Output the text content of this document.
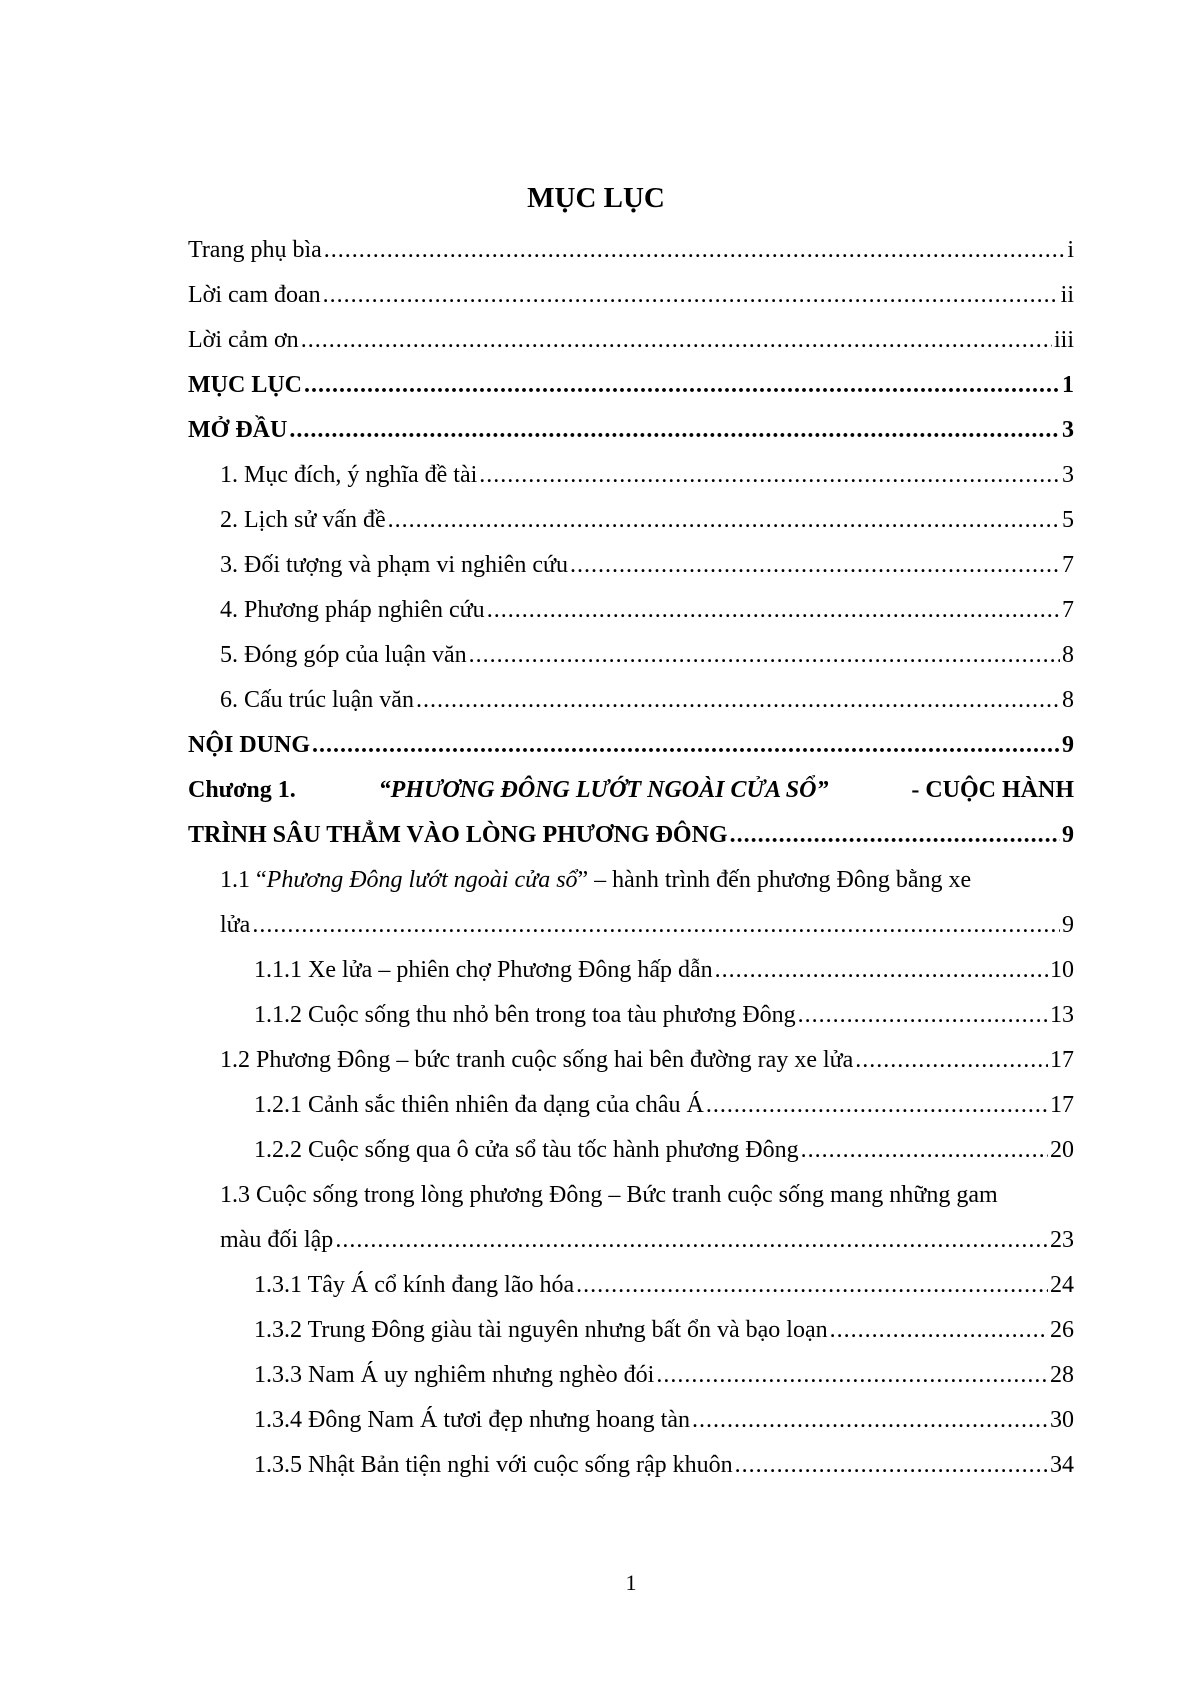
MỤC LỤC
Trang phụ bìa .....	i
Lời cam đoan .....	ii
Lời cảm ơn .....	iii
MỤC LỤC .....	1
MỞ ĐẦU .....	3
1. Mục đích, ý nghĩa đề tài .....	3
2. Lịch sử vấn đề .....	5
3. Đối tượng và phạm vi nghiên cứu .....	7
4. Phương pháp nghiên cứu .....	7
5. Đóng góp của luận văn .....	8
6. Cấu trúc luận văn .....	8
NỘI DUNG .....	9
Chương 1.	“PHƯƠNG ĐÔNG LƯỚT NGOÀI CỬA SỔ”	- CUỘC HÀNH
TRÌNH SÂU THẲM VÀO LÒNG PHƯƠNG ĐÔNG .....	9
1.1 “Phương Đông lướt ngoài cửa sổ” – hành trình đến phương Đông bằng xe
lửa .....	9
1.1.1 Xe lửa – phiên chợ Phương Đông hấp dẫn .....	10
1.1.2 Cuộc sống thu nhỏ bên trong toa tàu phương Đông .....	13
1.2 Phương Đông – bức tranh cuộc sống hai bên đường ray xe lửa .....	17
1.2.1 Cảnh sắc thiên nhiên đa dạng của châu Á .....	17
1.2.2 Cuộc sống qua ô cửa sổ tàu tốc hành phương Đông .....	20
1.3 Cuộc sống trong lòng phương Đông – Bức tranh cuộc sống mang những gam
màu đối lập .....	23
1.3.1 Tây Á cổ kính đang lão hóa .....	24
1.3.2 Trung Đông giàu tài nguyên nhưng bất ổn và bạo loạn .....	26
1.3.3 Nam Á uy nghiêm nhưng nghèo đói .....	28
1.3.4 Đông Nam Á tươi đẹp nhưng hoang tàn .....	30
1.3.5 Nhật Bản tiện nghi với cuộc sống rập khuôn .....	34
1
